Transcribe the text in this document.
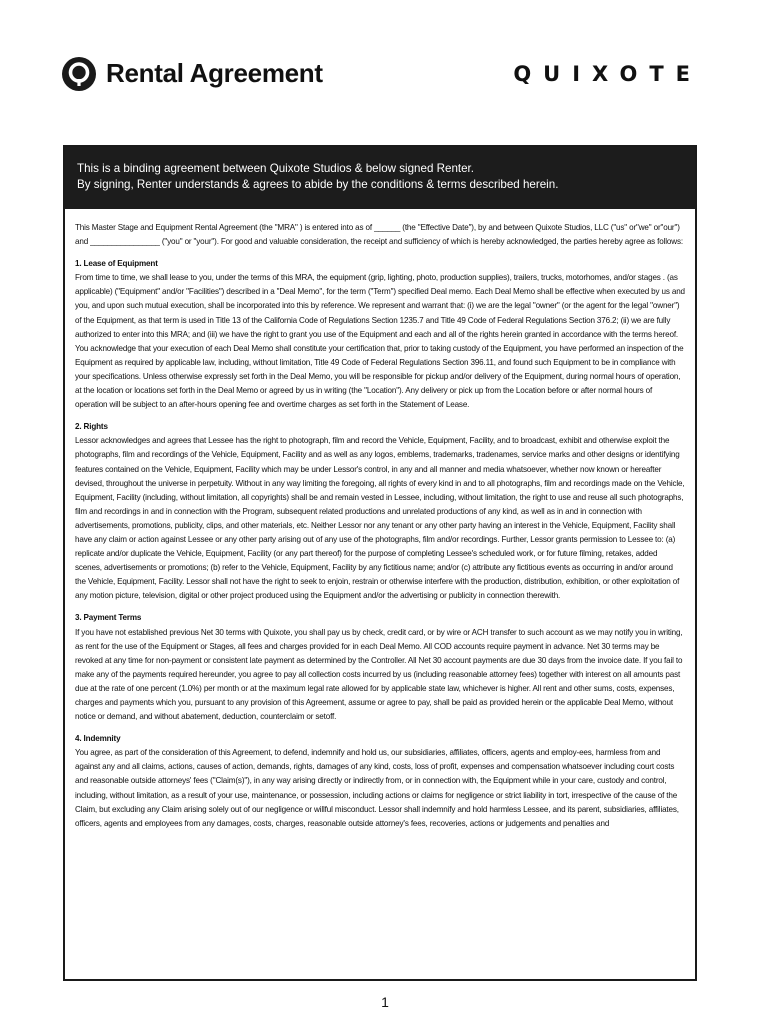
Rental Agreement	QUIXOTE
This is a binding agreement between Quixote Studios & below signed Renter.
By signing, Renter understands & agrees to abide by the conditions & terms described herein.

This Master Stage and Equipment Rental Agreement (the "MRA" ) is entered into as of ______ (the "Effective Date"), by and between Quixote Studios, LLC ("us" or"we" or"our") and ________________ ("you" or "your"). For good and valuable consideration, the receipt and sufficiency of which is hereby acknowledged, the parties hereby agree as follows:

1. Lease of Equipment
From time to time, we shall lease to you, under the terms of this MRA, the equipment (grip, lighting, photo, production supplies), trailers, trucks, motorhomes, and/or stages . (as applicable) ("Equipment" and/or "Facilities") described in a "Deal Memo", for the term ("Term") specified Deal memo. Each Deal Memo shall be effective when executed by us and you, and upon such mutual execution, shall be incorporated into this by reference. We represent and warrant that: (i) we are the legal "owner" (or the agent for the legal "owner") of the Equipment, as that term is used in Title 13 of the California Code of Regulations Section 1235.7 and Title 49 Code of Federal Regulations Section 376.2; (ii) we are fully authorized to enter into this MRA; and (iii) we have the right to grant you use of the Equipment and each and all of the rights herein granted in accordance with the terms hereof. You acknowledge that your execution of each Deal Memo shall constitute your certification that, prior to taking custody of the Equipment, you have performed an inspection of the Equipment as required by applicable law, including, without limitation, Title 49 Code of Federal Regulations Section 396.11, and found such Equipment to be in compliance with your specifications. Unless otherwise expressly set forth in the Deal Memo, you will be responsible for pickup and/or delivery of the Equipment, during normal hours of operation, at the location or locations set forth in the Deal Memo or agreed by us in writing (the "Location"). Any delivery or pick up from the Location before or after normal hours of operation will be subject to an after-hours opening fee and overtime charges as set forth in the Statement of Lease.

2. Rights
Lessor acknowledges and agrees that Lessee has the right to photograph, film and record the Vehicle, Equipment, Facility, and to broadcast, exhibit and otherwise exploit the photographs, film and recordings of the Vehicle, Equipment, Facility and as well as any logos, emblems, trademarks, tradenames, service marks and other designs or identifying features contained on the Vehicle, Equipment, Facility which may be under Lessor's control, in any and all manner and media whatsoever, whether now known or hereafter devised, throughout the universe in perpetuity. Without in any way limiting the foregoing, all rights of every kind in and to all photographs, film and recordings made on the Vehicle, Equipment, Facility (including, without limitation, all copyrights) shall be and remain vested in Lessee, including, without limitation, the right to use and reuse all such photographs, film and recordings in and in connection with the Program, subsequent related productions and unrelated productions of any kind, as well as in and in connection with advertisements, promotions, publicity, clips, and other materials, etc. Neither Lessor nor any tenant or any other party having an interest in the Vehicle, Equipment, Facility shall have any claim or action against Lessee or any other party arising out of any use of the photographs, film and/or recordings. Further, Lessor grants permission to Lessee to: (a) replicate and/or duplicate the Vehicle, Equipment, Facility (or any part thereof) for the purpose of completing Lessee's scheduled work, or for future filming, retakes, added scenes, advertisements or promotions; (b) refer to the Vehicle, Equipment, Facility by any fictitious name; and/or (c) attribute any fictitious events as occurring in and/or around the Vehicle, Equipment, Facility. Lessor shall not have the right to seek to enjoin, restrain or otherwise interfere with the production, distribution, exhibition, or other exploitation of any motion picture, television, digital or other project produced using the Equipment and/or the advertising or publicity in connection therewith.

3. Payment Terms
If you have not established previous Net 30 terms with Quixote, you shall pay us by check, credit card, or by wire or ACH transfer to such account as we may notify you in writing, as rent for the use of the Equipment or Stages, all fees and charges provided for in each Deal Memo. All COD accounts require payment in advance. Net 30 terms may be revoked at any time for non-payment or consistent late payment as determined by the Controller. All Net 30 account payments are due 30 days from the invoice date. If you fail to make any of the payments required hereunder, you agree to pay all collection costs incurred by us (including reasonable attorney fees) together with interest on all amounts past due at the rate of one percent (1.0%) per month or at the maximum legal rate allowed for by applicable state law, whichever is higher. All rent and other sums, costs, expenses, charges and payments which you, pursuant to any provision of this Agreement, assume or agree to pay, shall be paid as provided herein or the applicable Deal Memo, without notice or demand, and without abatement, deduction, counterclaim or setoff.

4. Indemnity
You agree, as part of the consideration of this Agreement, to defend, indemnify and hold us, our subsidiaries, affiliates, officers, agents and employ-ees, harmless from and against any and all claims, actions, causes of action, demands, rights, damages of any kind, costs, loss of profit, expenses and compensation whatsoever including court costs and reasonable outside attorneys' fees ("Claim(s)"), in any way arising directly or indirectly from, or in connection with, the Equipment while in your care, custody and control, including, without limitation, as a result of your use, maintenance, or possession, including actions or claims for negligence or strict liability in tort, irrespective of the cause of the Claim, but excluding any Claim arising solely out of our negligence or willful misconduct. Lessor shall indemnify and hold harmless Lessee, and its parent, subsidiaries, affiliates, officers, agents and employees from any damages, costs, charges, reasonable outside attorney's fees, recoveries, actions or judgements and penalties and

1
